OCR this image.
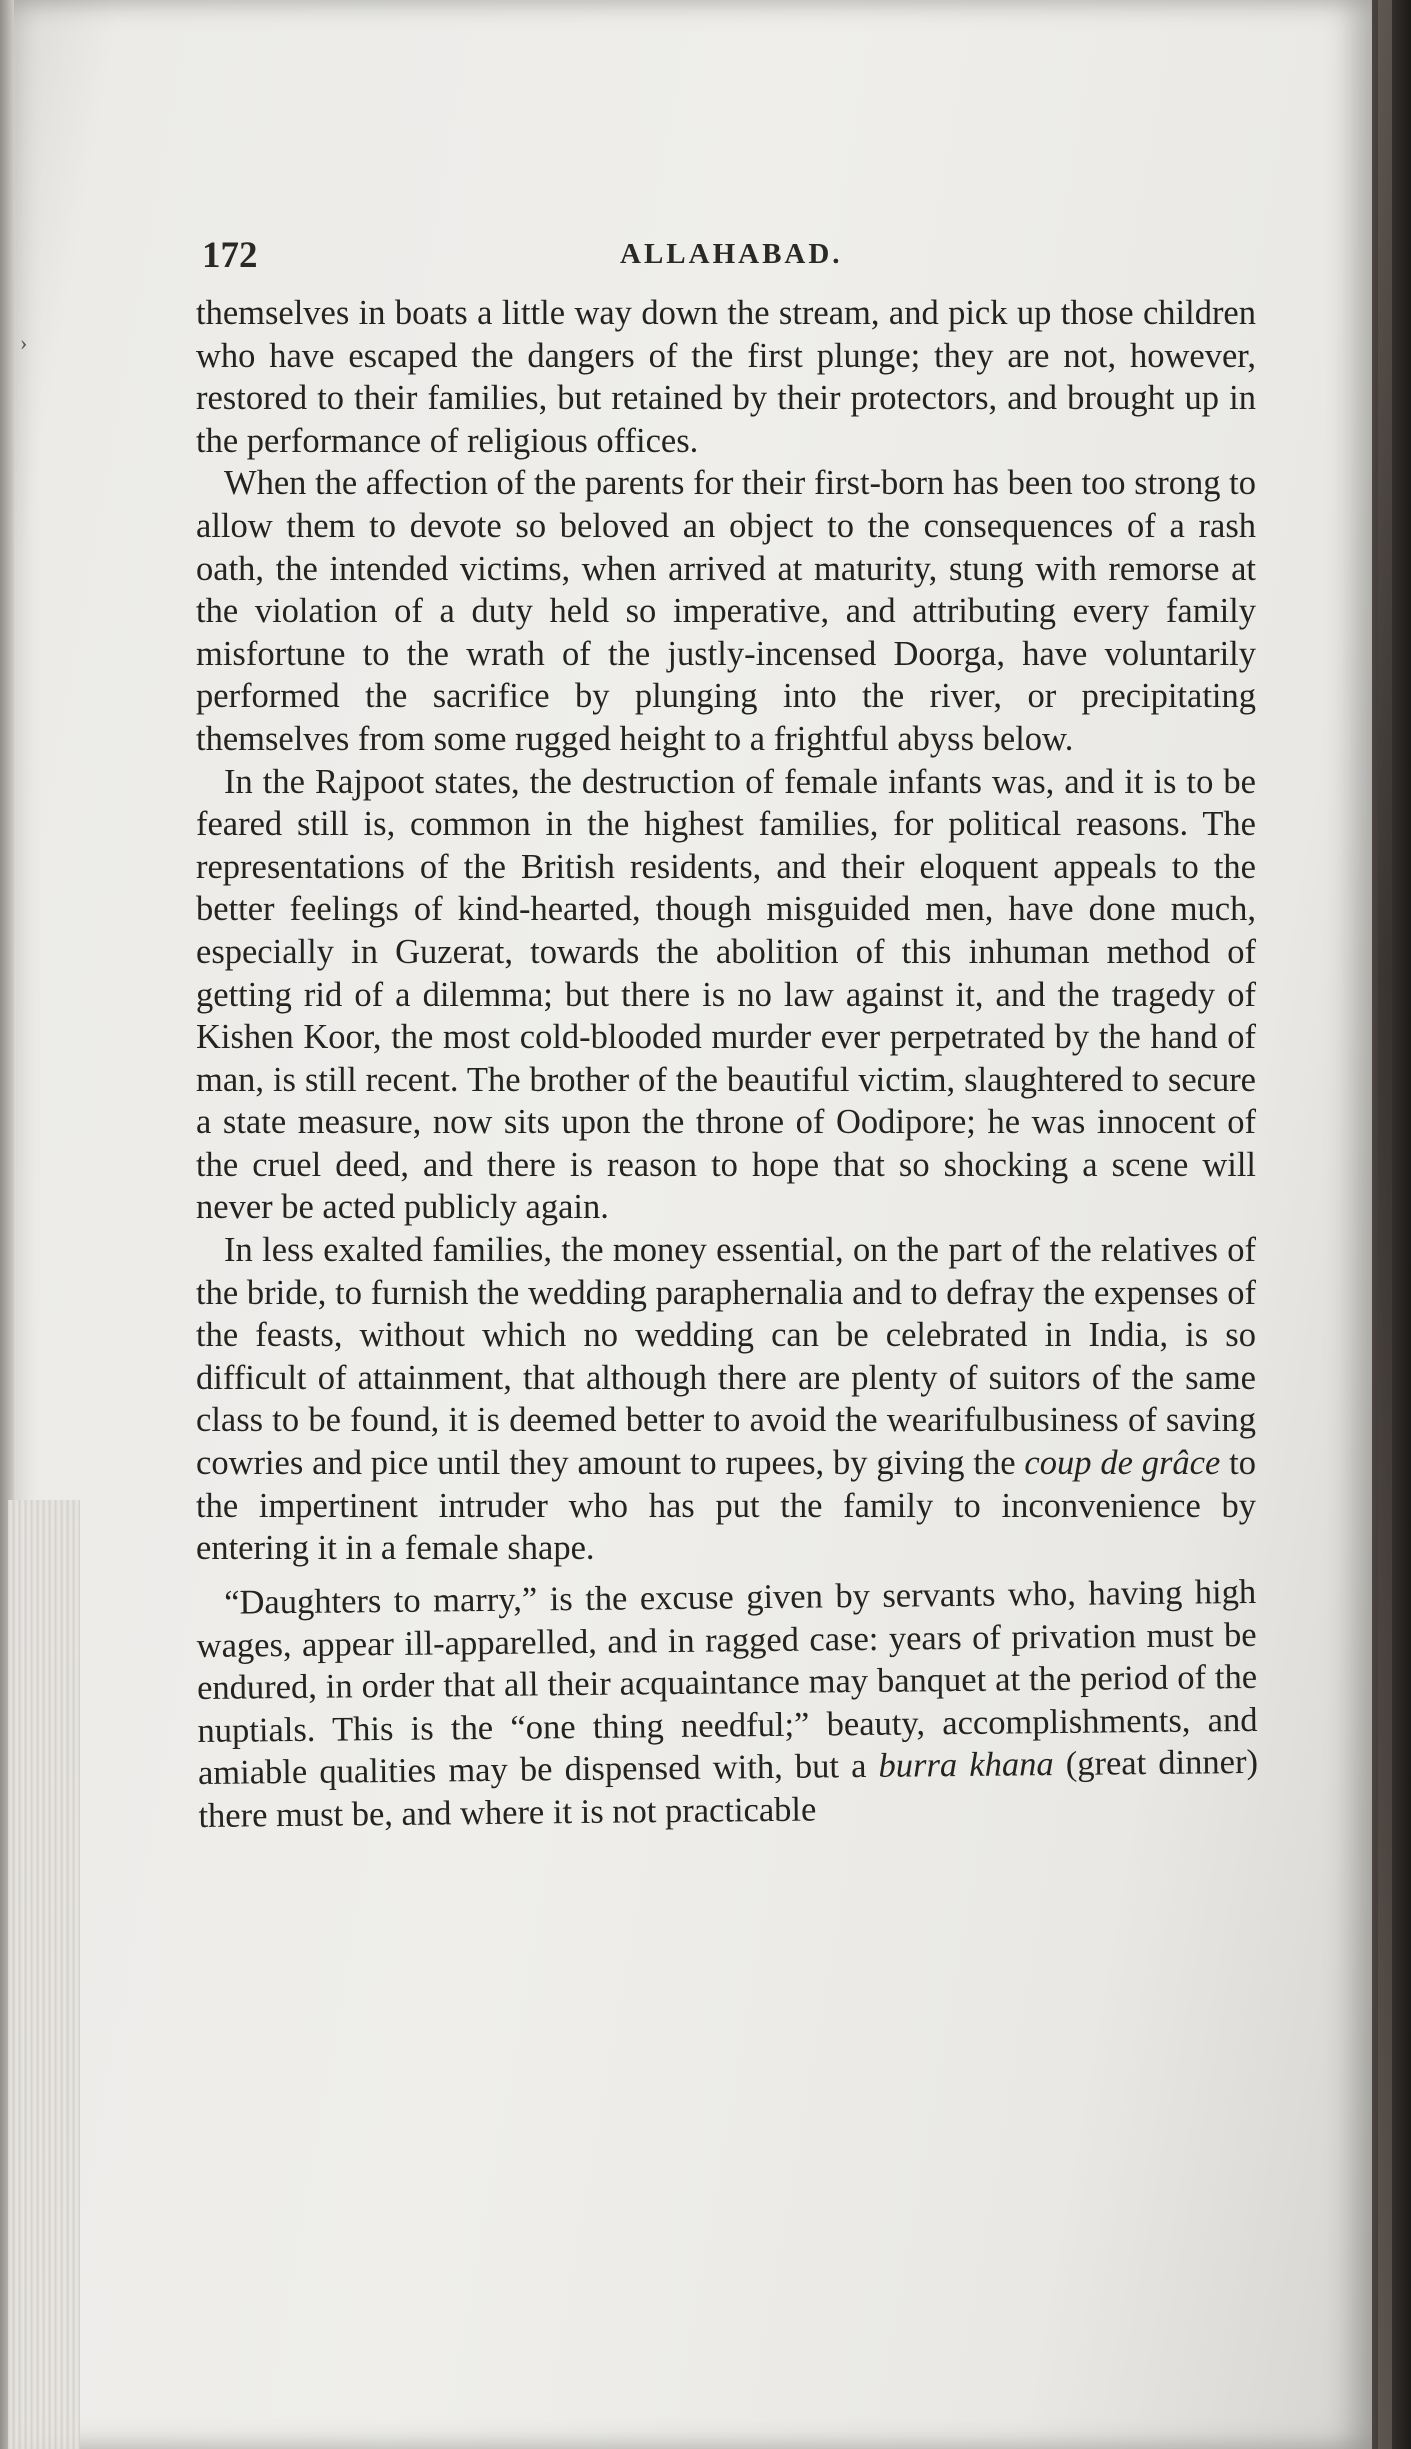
›
172	ALLAHABAD.

themselves in boats a little way down the stream, and pick up those children who have escaped the dangers of the first plunge; they are not, however, restored to their families, but retained by their protectors, and brought up in the performance of religious offices.

When the affection of the parents for their first-born has been too strong to allow them to devote so beloved an object to the consequences of a rash oath, the intended victims, when arrived at maturity, stung with remorse at the violation of a duty held so imperative, and attributing every family misfortune to the wrath of the justly-incensed Doorga, have voluntarily performed the sacrifice by plunging into the river, or precipitating themselves from some rugged height to a frightful abyss below.

In the Rajpoot states, the destruction of female infants was, and it is to be feared still is, common in the highest families, for political reasons. The representations of the British residents, and their eloquent appeals to the better feelings of kind-hearted, though misguided men, have done much, especially in Guzerat, towards the abolition of this inhuman method of getting rid of a dilemma; but there is no law against it, and the tragedy of Kishen Koor, the most cold-blooded murder ever perpetrated by the hand of man, is still recent. The brother of the beautiful victim, slaughtered to secure a state measure, now sits upon the throne of Oodipore; he was innocent of the cruel deed, and there is reason to hope that so shocking a scene will never be acted publicly again.

In less exalted families, the money essential, on the part of the relatives of the bride, to furnish the wedding paraphernalia and to defray the expenses of the feasts, without which no wedding can be celebrated in India, is so difficult of attainment, that although there are plenty of suitors of the same class to be found, it is deemed better to avoid the wearifulbusiness of saving cowries and pice until they amount to rupees, by giving the coup de grâce to the impertinent intruder who has put the family to inconvenience by entering it in a female shape.

“Daughters to marry,” is the excuse given by servants who, having high wages, appear ill-apparelled, and in ragged case: years of privation must be endured, in order that all their acquaintance may banquet at the period of the nuptials. This is the “one thing needful;” beauty, accomplishments, and amiable qualities may be dispensed with, but a burra khana (great dinner) there must be, and where it is not practicable
